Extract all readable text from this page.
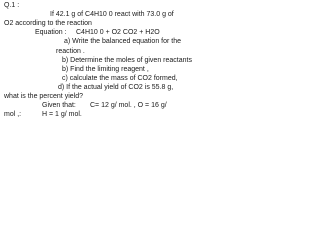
Q.1 :
If 42.1 g of C4H10 0 react with 73.0 g of
O2 according to the reaction
Equation : C4H10 0 + O2 CO2 + H2O
a) Write the balanced equation for the
reaction .
b) Determine the moles of given reactants
b) Find the limiting reagent ,
c) calculate the mass of CO2 formed,
d) If the actual yield of CO2 is 55.8 g,
what is the percent yield?
Given that: C= 12 g/ mol. , O = 16 g/
mol ,:	H = 1 g/ mol.
